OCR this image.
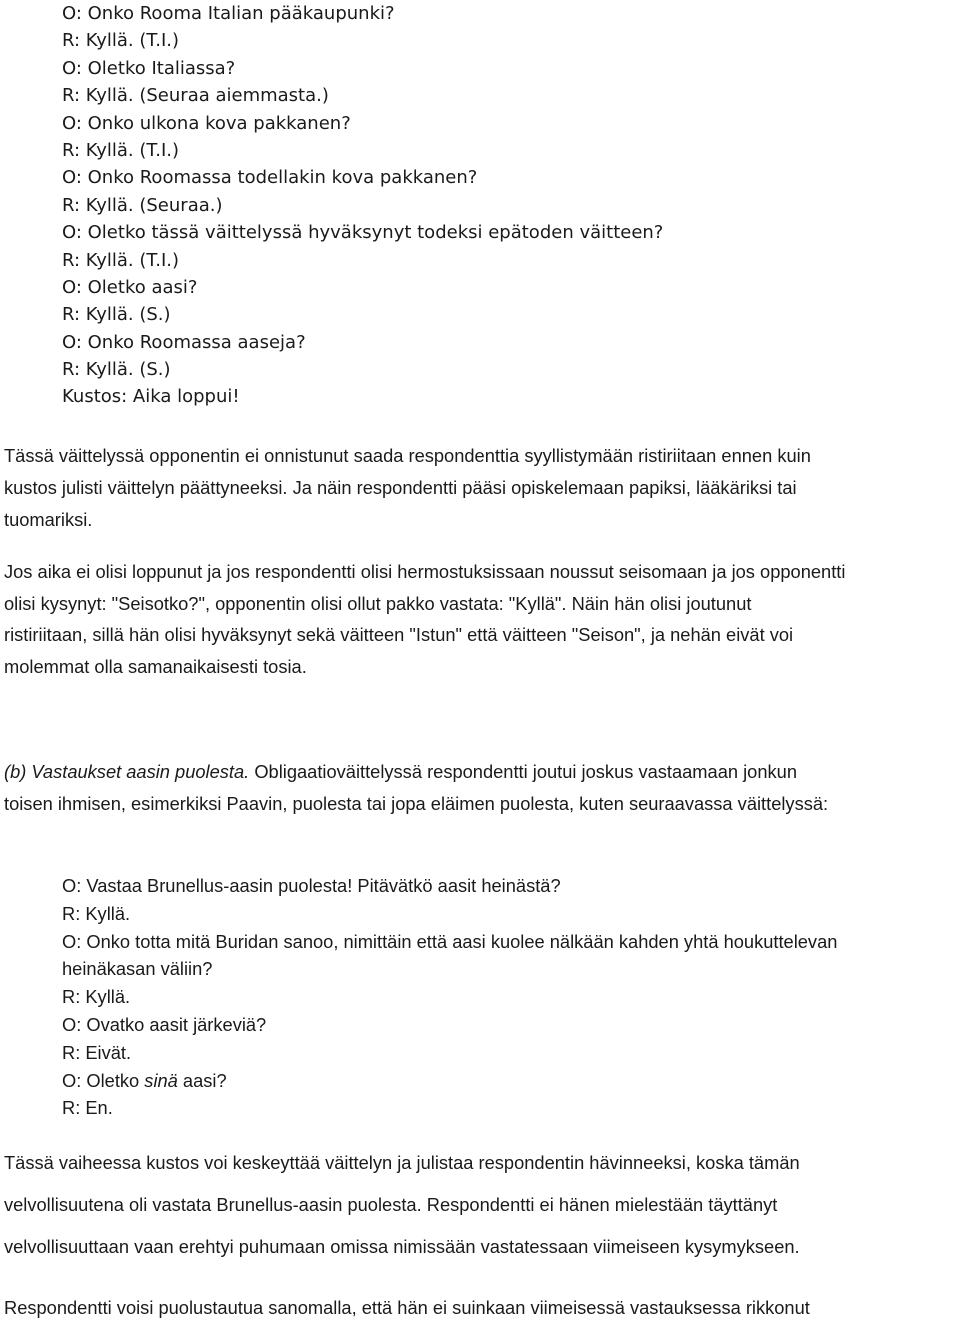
O: Onko Rooma Italian pääkaupunki?
R: Kyllä. (T.I.)
O: Oletko Italiassa?
R: Kyllä. (Seuraa aiemmasta.)
O: Onko ulkona kova pakkanen?
R: Kyllä. (T.I.)
O: Onko Roomassa todellakin kova pakkanen?
R: Kyllä. (Seuraa.)
O: Oletko tässä väittelyssä hyväksynyt todeksi epätoden väitteen?
R: Kyllä. (T.I.)
O: Oletko aasi?
R: Kyllä. (S.)
O: Onko Roomassa aaseja?
R: Kyllä. (S.)
Kustos: Aika loppui!
Tässä väittelyssä opponentin ei onnistunut saada respondenttia syyllistymään ristiriitaan ennen kuin
kustos julisti väittelyn päättyneeksi. Ja näin respondentti pääsi opiskelemaan papiksi, lääkäriksi tai
tuomariksi.
Jos aika ei olisi loppunut ja jos respondentti olisi hermostuksissaan noussut seisomaan ja jos opponentti
olisi kysynyt: "Seisotko?", opponentin olisi ollut pakko vastata: "Kyllä". Näin hän olisi joutunut
ristiriitaan, sillä hän olisi hyväksynyt sekä väitteen "Istun" että väitteen "Seison", ja nehän eivät voi
molemmat olla samanaikaisesti tosia.
(b) Vastaukset aasin puolesta. Obligaatioväittelyssä respondentti joutui joskus vastaamaan jonkun
toisen ihmisen, esimerkiksi Paavin, puolesta tai jopa eläimen puolesta, kuten seuraavassa väittelyssä:
O: Vastaa Brunellus-aasin puolesta! Pitävätkö aasit heinästä?
R: Kyllä.
O: Onko totta mitä Buridan sanoo, nimittäin että aasi kuolee nälkään kahden yhtä houkuttelevan
heinäkasan väliin?
R: Kyllä.
O: Ovatko aasit järkeviä?
R: Eivät.
O: Oletko sinä aasi?
R: En.
Tässä vaiheessa kustos voi keskeyttää väittelyn ja julistaa respondentin hävinneeksi, koska tämän
velvollisuutena oli vastata Brunellus-aasin puolesta. Respondentti ei hänen mielestään täyttänyt
velvollisuuttaan vaan erehtyi puhumaan omissa nimissään vastatessaan viimeiseen kysymykseen.
Respondentti voisi puolustautua sanomalla, että hän ei suinkaan viimeisessä vastauksessa rikkonut
